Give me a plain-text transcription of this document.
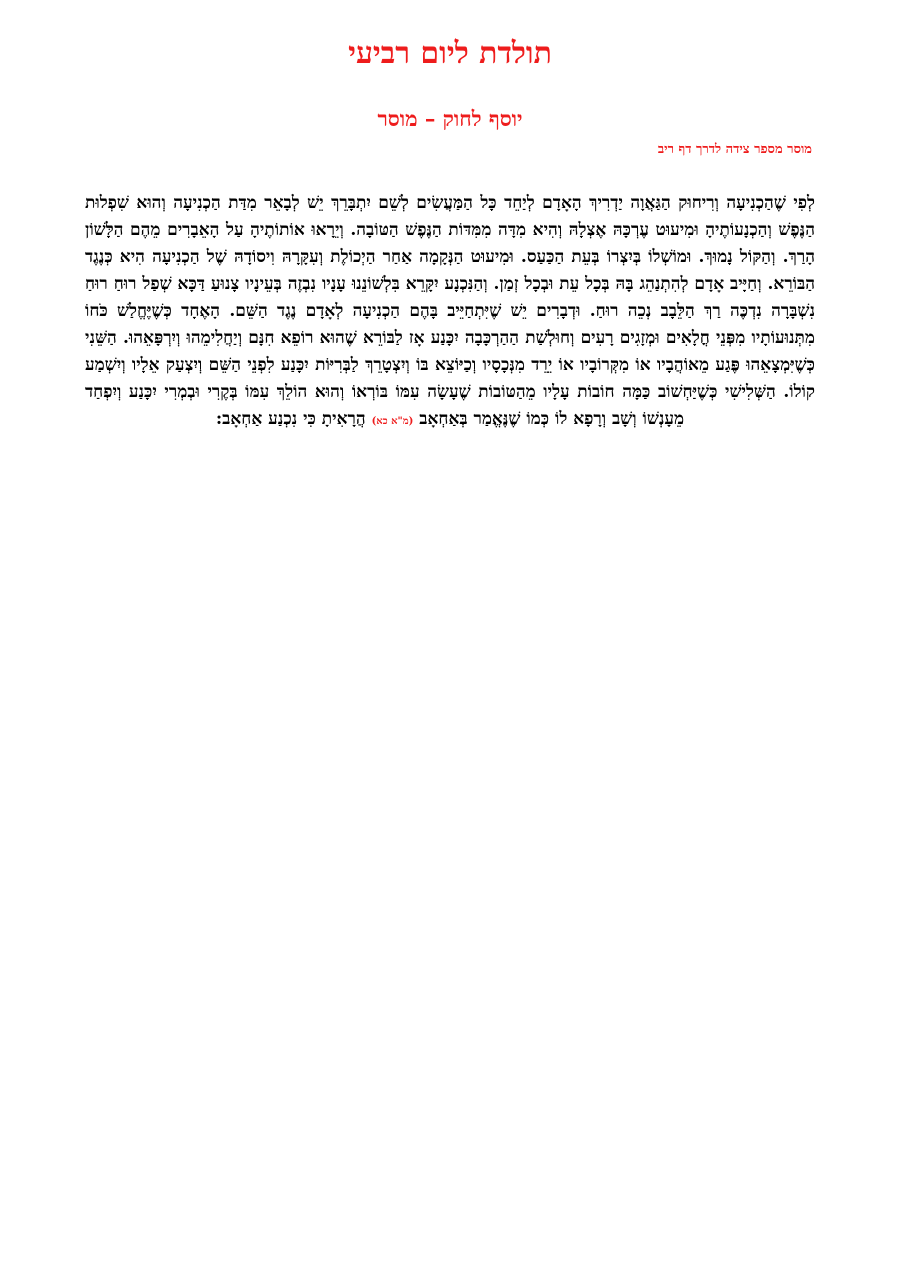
תולדת ליום רביעי
יוסף לחוק – מוסר

מוסר מספר צידה לדרך דף ריב

לְפִי שֶׁהַכְנִיעָה וְרִיחוּק הַגַּאֲוָה יַדְרִיךְ הָאָדָם לְיַחֵד כָּל הַמַּעֲשִׂים לְשֵׁם יִתְבָּרֵךְ יֵשׁ לְבָאֵר מִדַּת הַכְנִיעָה וְהוּא שִׁפְלוּת הַנֶּפֶשׁ וְהַכְנָעוֹתֶיהָ וּמִיעוּט עֶרְכָּהּ אֶצְלָהּ וְהִיא מִדָּה מִמִּדּוֹת הַנֶּפֶשׁ הַטּוֹבָה. וְיֵרָאוּ אוֹתוֹתֶיהָ עַל הָאֵבָרִים מֵהֶם הַלָּשׁוֹן הָרַךְ. וְהַקּוֹל נָמוּךְ. וּמוֹשְׁלוֹ בְּיִצְרוֹ בְּעֵת הַכַּעַס. וּמִיעוּט הַנְּקָמָה אַחַר הַיְכוֹלֶת וְעִקָּרָהּ וִיסוֹדָהּ שֶׁל הַכְנִיעָה הִיא כְּנֶגֶד הַבּוֹרֵא. וְחַיָּיב אָדָם לְהִתְנַהֵג בָּהּ בְּכָל עֵת וּבְכָל זְמַן. וְהַנִּכְנָע יִקָּרֵא בִּלְשׁוֹנֵנוּ עָנָיו נִבְזֶה בְּעֵינָיו צָנוּעַ דַּכָּא שְׁפַל רוּחַ רוּחַ נִשְׁבָּרָה נִדְכֶּה רַךְ הַלֵּבָב נְכֵה רוּחַ. וּדְבָרִים יֵשׁ שֶׁיִּתְחַיֵּיב בָּהֶם הַכְנִיעָה לְאָדָם נֶגֶד הַשֵּׁם. הָאֶחָד כְּשֶׁיֶּחֱלַשׁ כֹּחוֹ מִתְּנוּעוֹתָיו מִפְּנֵי חֳלָאִים וּמְזָגִים רָעִים וְחוּלְשַׁת הַהַרְכָּבָה יִכָּנַע אָז לַבּוֹרֵא שֶׁהוּא רוֹפֵא חִנָּם וְיַחֲלִימֵהוּ וְיִרְפָּאֵהוּ. הַשֵּׁנִי כְּשֶׁיִּמְצָאֵהוּ פֶּגַע מֵאוֹהֲבָיו אוֹ מִקְּרוֹבָיו אוֹ יֵרֵד מִנְּכָסָיו וְכַיּוֹצֵא בּוֹ וְיִצְטָרֵךְ לַבְּרִיּוֹת יִכָּנַע לִפְנֵי הַשֵּׁם וְיִצְעַק אֵלָיו וְיִשְׁמַע קוֹלוֹ. הַשְּׁלִישִׁי כְּשֶׁיַּחְשׁוֹב כַּמָּה חוֹבוֹת עָלָיו מֵהַטּוֹבוֹת שֶׁעָשָׂה עִמּוֹ בּוֹרְאוֹ וְהוּא הוֹלֵךְ עִמּוֹ בְּקֶרִי וּבְמְרִי יִכָּנַע וְיִפְחַד מֵעָנְשׁוֹ וְשָׁב וְרָפָא לוֹ כְּמוֹ שֶׁנֶּאֱמַר בְּאַחְאָב (מ"א כא) הֲרָאִיתָ כִּי נִכְנַע אַחְאָב:
